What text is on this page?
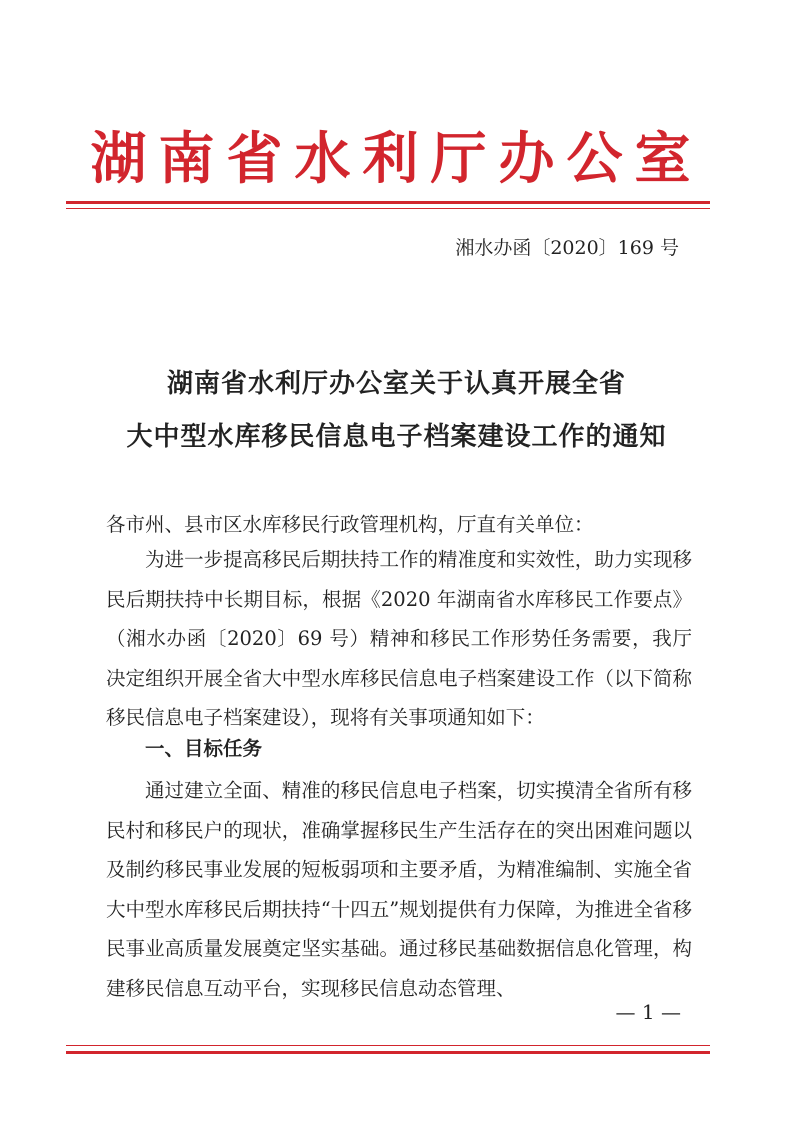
湖南省水利厅办公室
湘水办函〔2020〕169 号
湖南省水利厅办公室关于认真开展全省
大中型水库移民信息电子档案建设工作的通知

各市州、县市区水库移民行政管理机构，厅直有关单位：

为进一步提高移民后期扶持工作的精准度和实效性，助力实现移民后期扶持中长期目标，根据《2020 年湖南省水库移民工作要点》（湘水办函〔2020〕69 号）精神和移民工作形势任务需要，我厅决定组织开展全省大中型水库移民信息电子档案建设工作（以下简称移民信息电子档案建设），现将有关事项通知如下：

一、目标任务

通过建立全面、精准的移民信息电子档案，切实摸清全省所有移民村和移民户的现状，准确掌握移民生产生活存在的突出困难问题以及制约移民事业发展的短板弱项和主要矛盾，为精准编制、实施全省大中型水库移民后期扶持“十四五”规划提供有力保障，为推进全省移民事业高质量发展奠定坚实基础。通过移民基础数据信息化管理，构建移民信息互动平台，实现移民信息动态管理、

— 1 —
